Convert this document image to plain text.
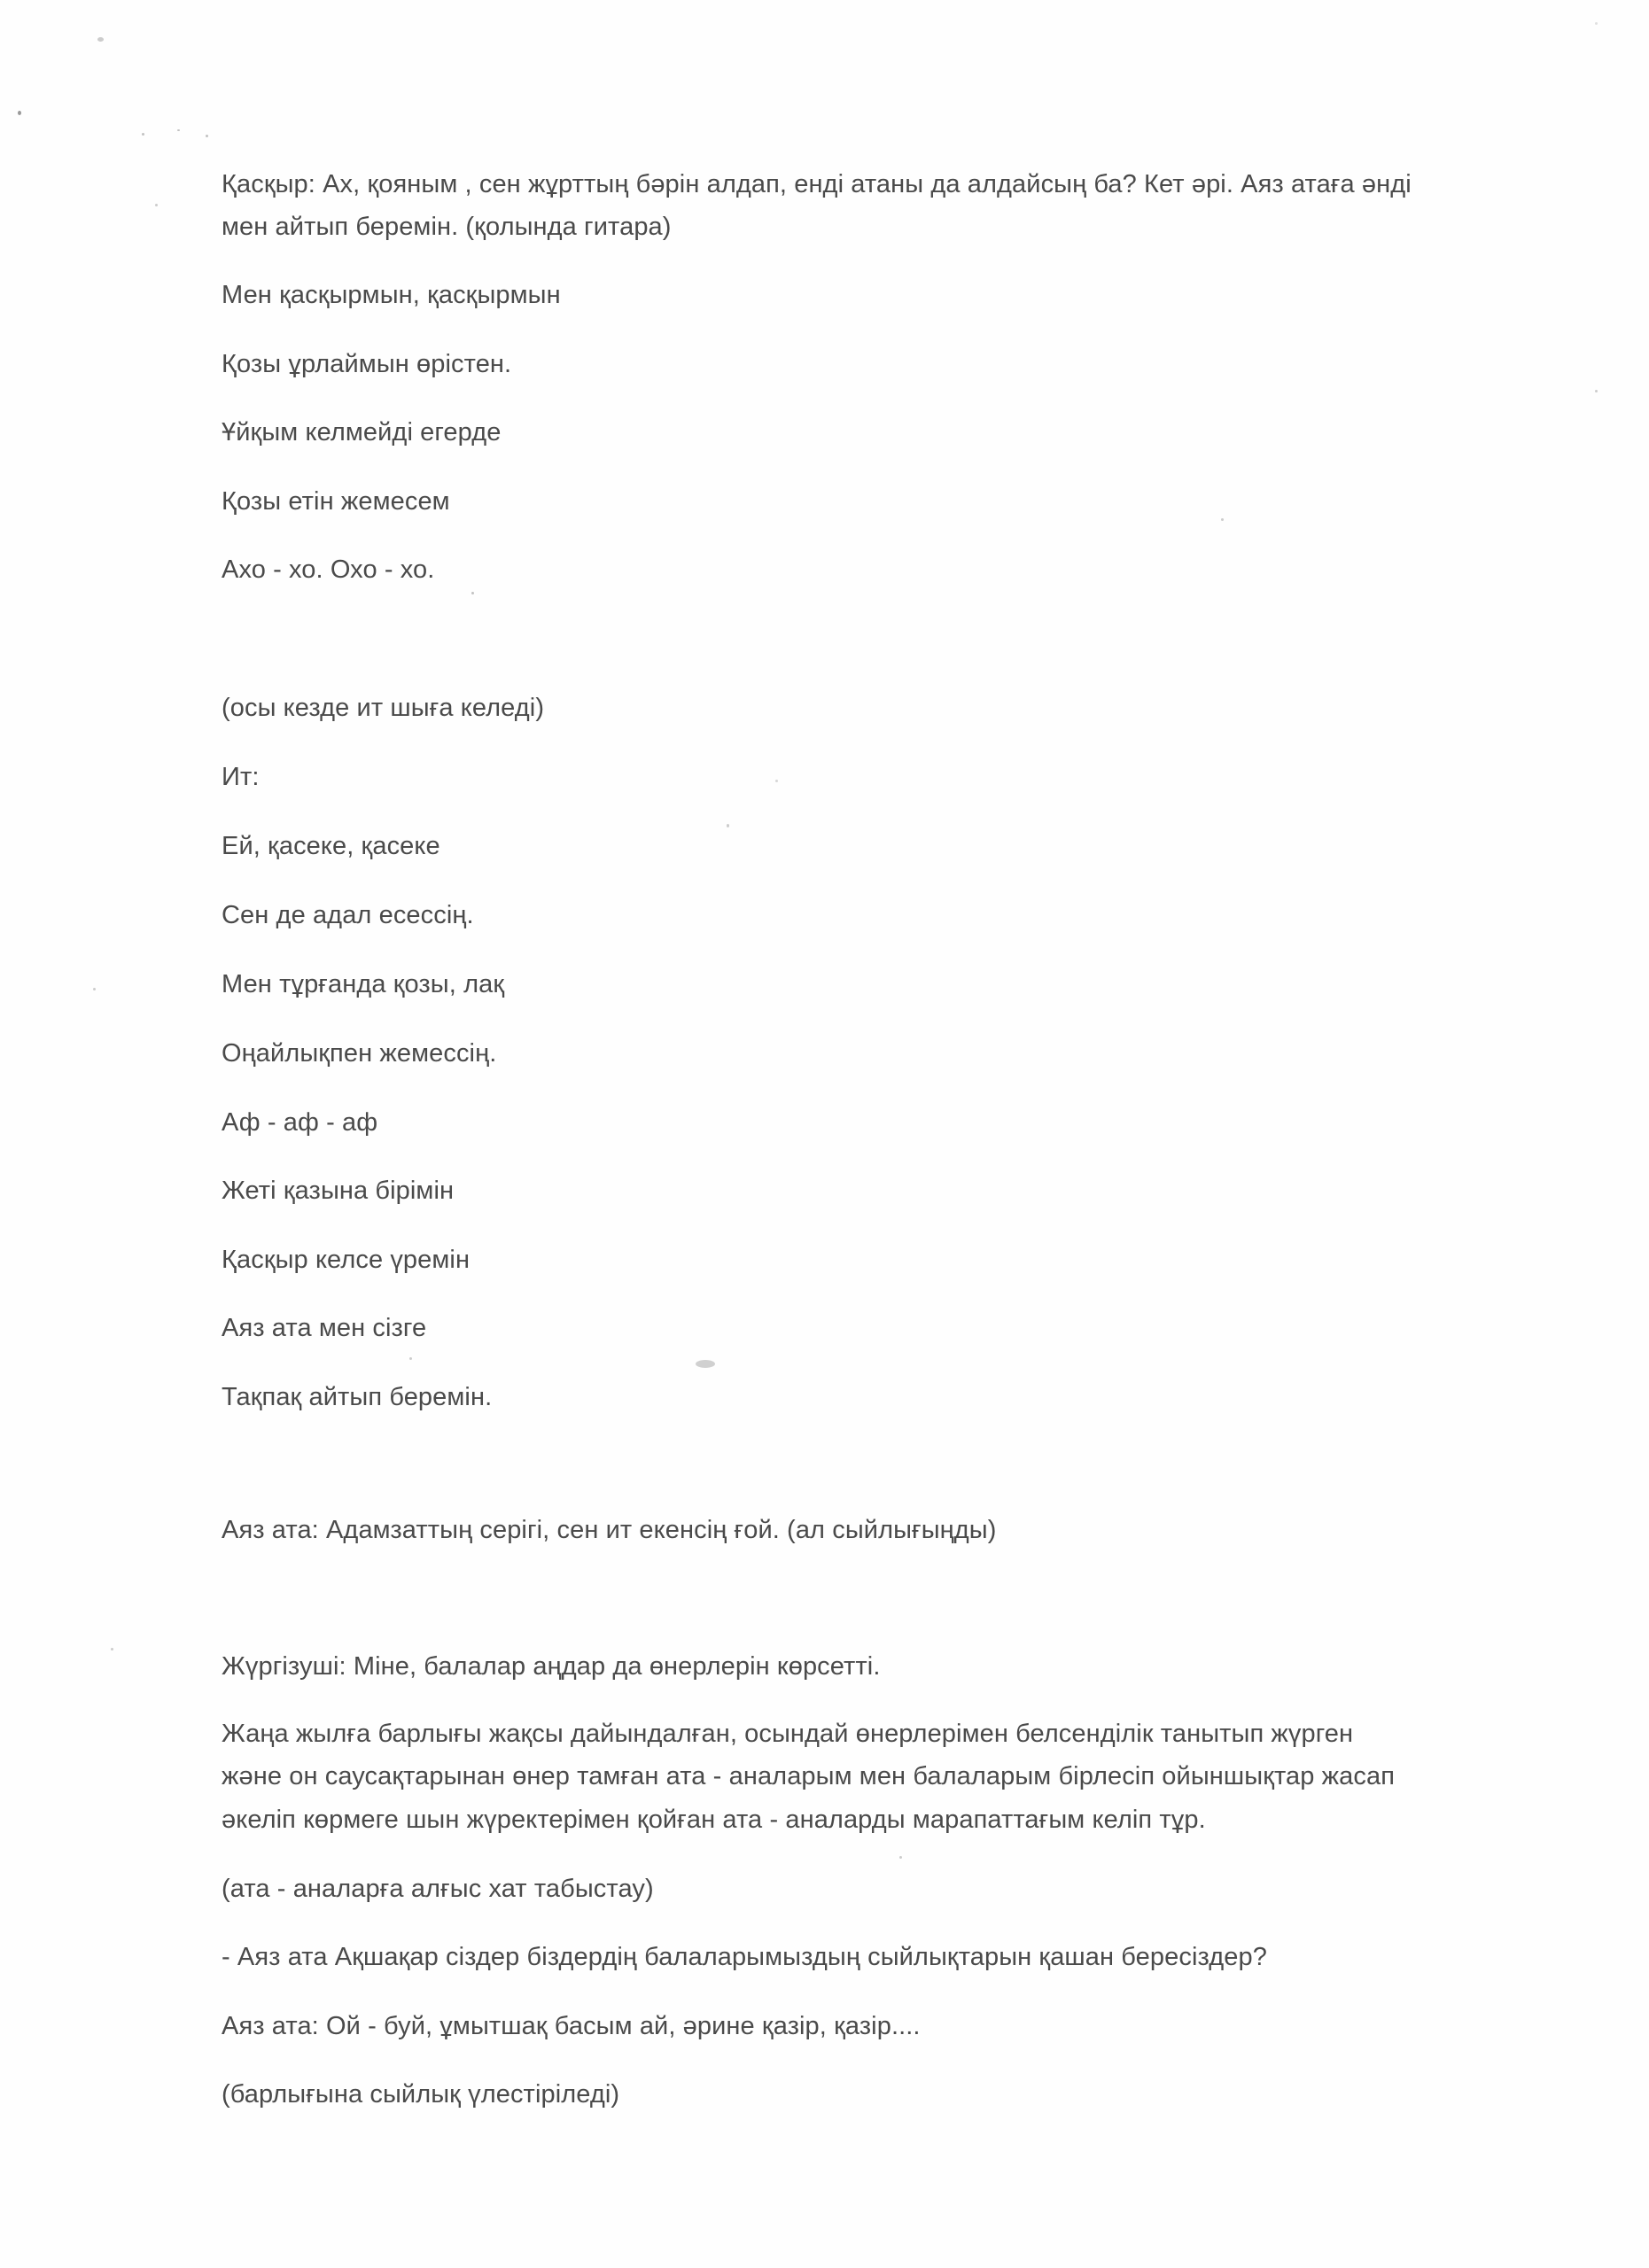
Қасқыр: Ах, қояным , сен жұрттың бәрін алдап, енді атаны да алдайсың ба? Кет әрі. Аяз атаға әнді
мен айтып беремін. (қолында гитара)
Мен қасқырмын, қасқырмын
Қозы ұрлаймын өрістен.
Ұйқым келмейді егерде
Қозы етін жемесем
Ахо - хо. Охо - хо.
(осы кезде ит шыға келеді)
Ит:
Ей, қасеке, қасеке
Сен де адал есессің.
Мен тұрғанда қозы, лақ
Оңайлықпен жемессің.
Аф - аф - аф
Жеті қазына бірімін
Қасқыр келсе үремін
Аяз ата мен сізге
Тақпақ айтып беремін.
Аяз ата: Адамзаттың серігі, сен ит екенсің ғой. (ал сыйлығыңды)
Жүргізуші: Міне, балалар аңдар да өнерлерін көрсетті.
Жаңа жылға барлығы жақсы дайындалған, осындай өнерлерімен белсенділік танытып жүрген
және он саусақтарынан өнер тамған ата - аналарым мен балаларым бірлесіп ойыншықтар жасап
әкеліп көрмеге шын жүректерімен қойған ата - аналарды марапаттағым келіп тұр.
(ата - аналарға алғыс хат табыстау)
- Аяз ата Ақшақар сіздер біздердің балаларымыздың сыйлықтарын қашан бересіздер?
Аяз ата: Ой - буй, ұмытшақ басым ай, әрине қазір, қазір....
(барлығына сыйлық үлестіріледі)
